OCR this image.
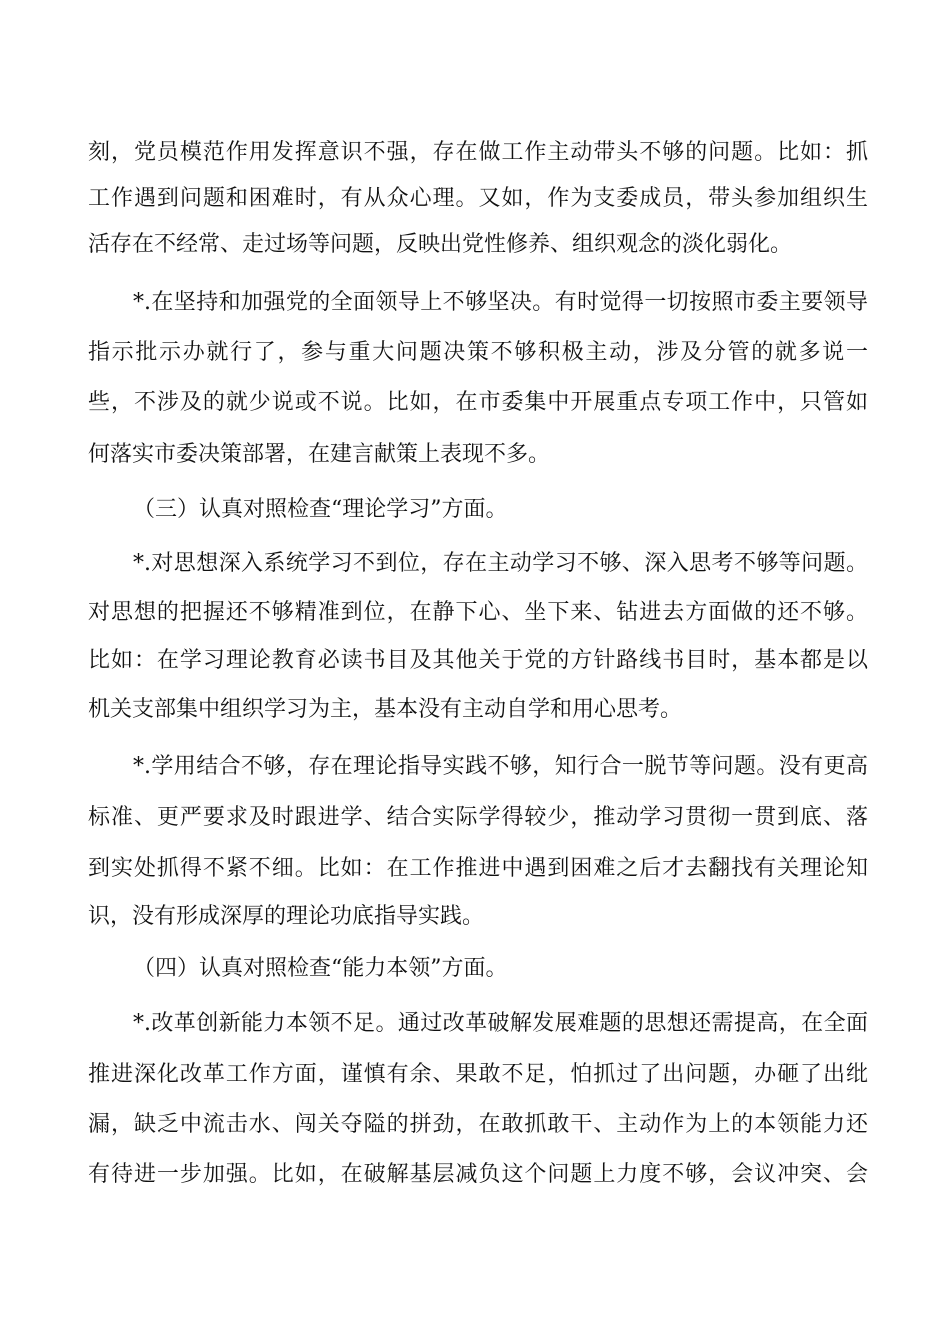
刻，党员模范作用发挥意识不强，存在做工作主动带头不够的问题。比如：抓
工作遇到问题和困难时，有从众心理。又如，作为支委成员，带头参加组织生
活存在不经常、走过场等问题，反映出党性修养、组织观念的淡化弱化。
*.在坚持和加强党的全面领导上不够坚决。有时觉得一切按照市委主要领导
指示批示办就行了，参与重大问题决策不够积极主动，涉及分管的就多说一
些，不涉及的就少说或不说。比如，在市委集中开展重点专项工作中，只管如
何落实市委决策部署，在建言献策上表现不多。
（三）认真对照检查“理论学习”方面。
*.对思想深入系统学习不到位，存在主动学习不够、深入思考不够等问题。
对思想的把握还不够精准到位，在静下心、坐下来、钻进去方面做的还不够。
比如：在学习理论教育必读书目及其他关于党的方针路线书目时，基本都是以
机关支部集中组织学习为主，基本没有主动自学和用心思考。
*.学用结合不够，存在理论指导实践不够，知行合一脱节等问题。没有更高
标准、更严要求及时跟进学、结合实际学得较少，推动学习贯彻一贯到底、落
到实处抓得不紧不细。比如：在工作推进中遇到困难之后才去翻找有关理论知
识，没有形成深厚的理论功底指导实践。
（四）认真对照检查“能力本领”方面。
*.改革创新能力本领不足。通过改革破解发展难题的思想还需提高，在全面
推进深化改革工作方面，谨慎有余、果敢不足，怕抓过了出问题，办砸了出纰
漏，缺乏中流击水、闯关夺隘的拼劲，在敢抓敢干、主动作为上的本领能力还
有待进一步加强。比如，在破解基层减负这个问题上力度不够，会议冲突、会
